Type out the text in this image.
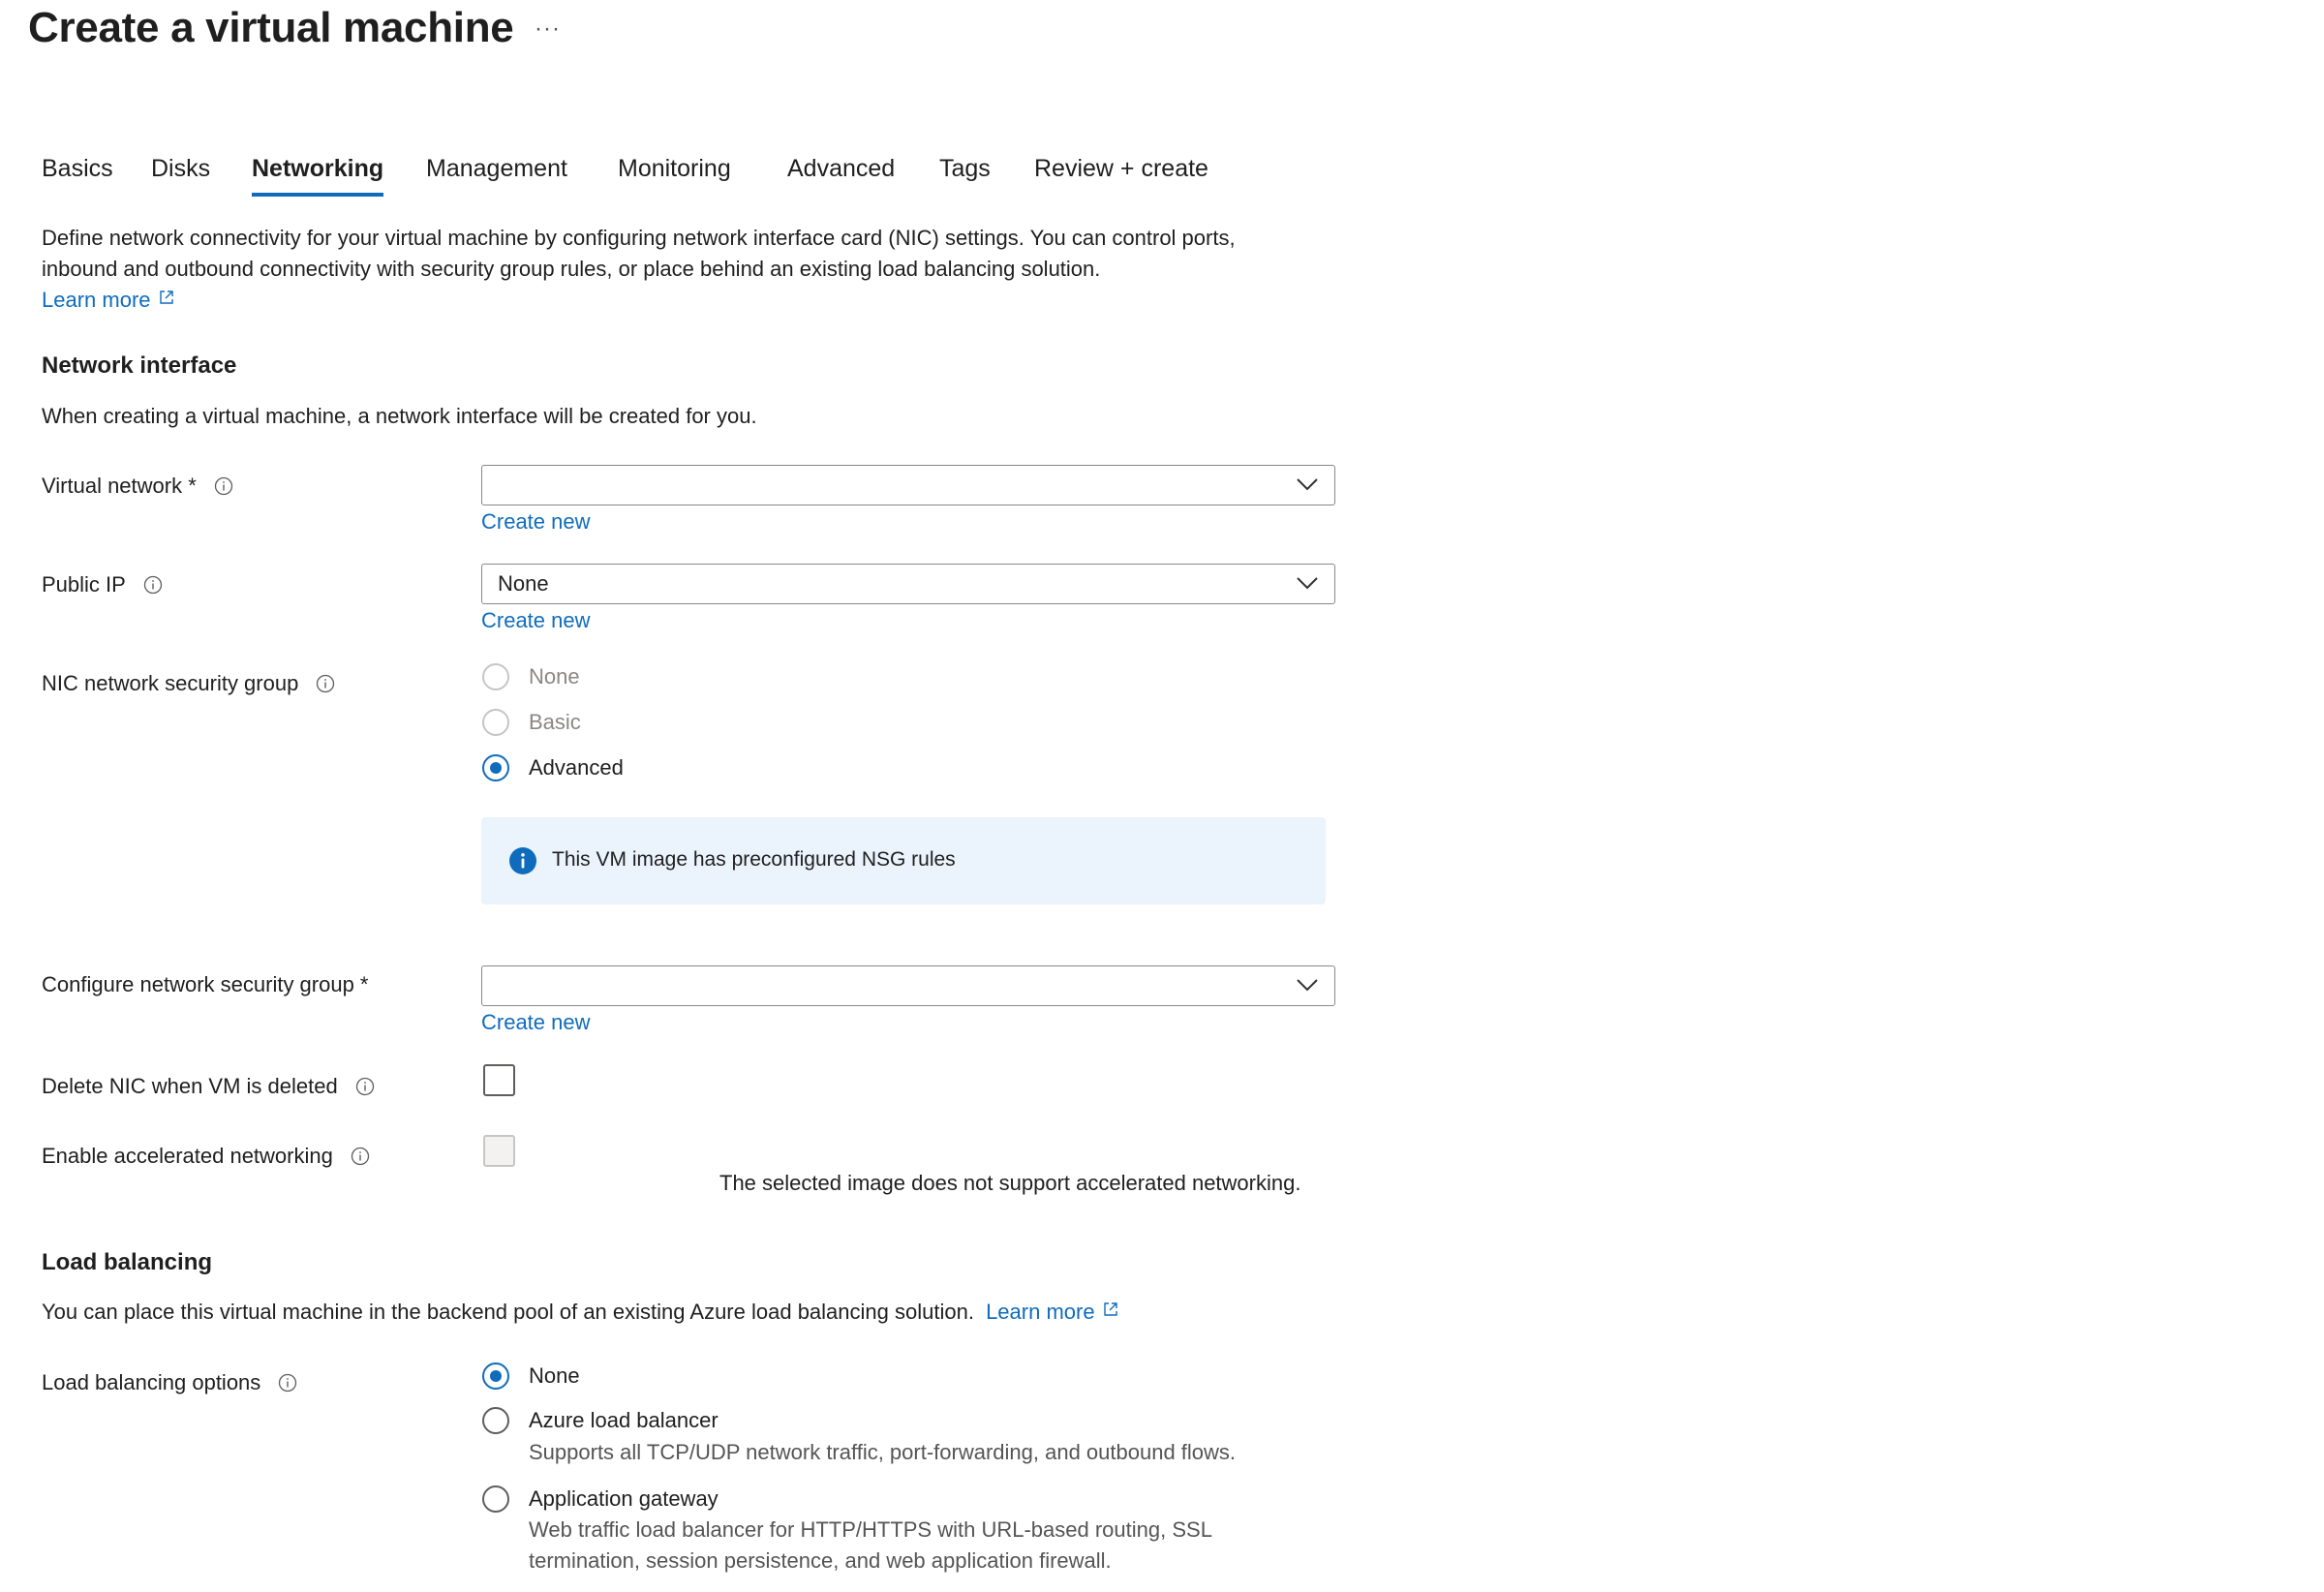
Create a virtual machine ···
Basics Disks Networking Management Monitoring Advanced Tags Review + create
Define network connectivity for your virtual machine by configuring network interface card (NIC) settings. You can control ports,
inbound and outbound connectivity with security group rules, or place behind an existing load balancing solution.
Learn more
Network interface
When creating a virtual machine, a network interface will be created for you.
Virtual network *
Create new
Public IP	None
Create new
NIC network security group	None
Basic
Advanced
This VM image has preconfigured NSG rules
Configure network security group *
Create new
Delete NIC when VM is deleted
Enable accelerated networking
The selected image does not support accelerated networking.
Load balancing
You can place this virtual machine in the backend pool of an existing Azure load balancing solution. Learn more
Load balancing options	None
Azure load balancer
Supports all TCP/UDP network traffic, port-forwarding, and outbound flows.
Application gateway
Web traffic load balancer for HTTP/HTTPS with URL-based routing, SSL
termination, session persistence, and web application firewall.
